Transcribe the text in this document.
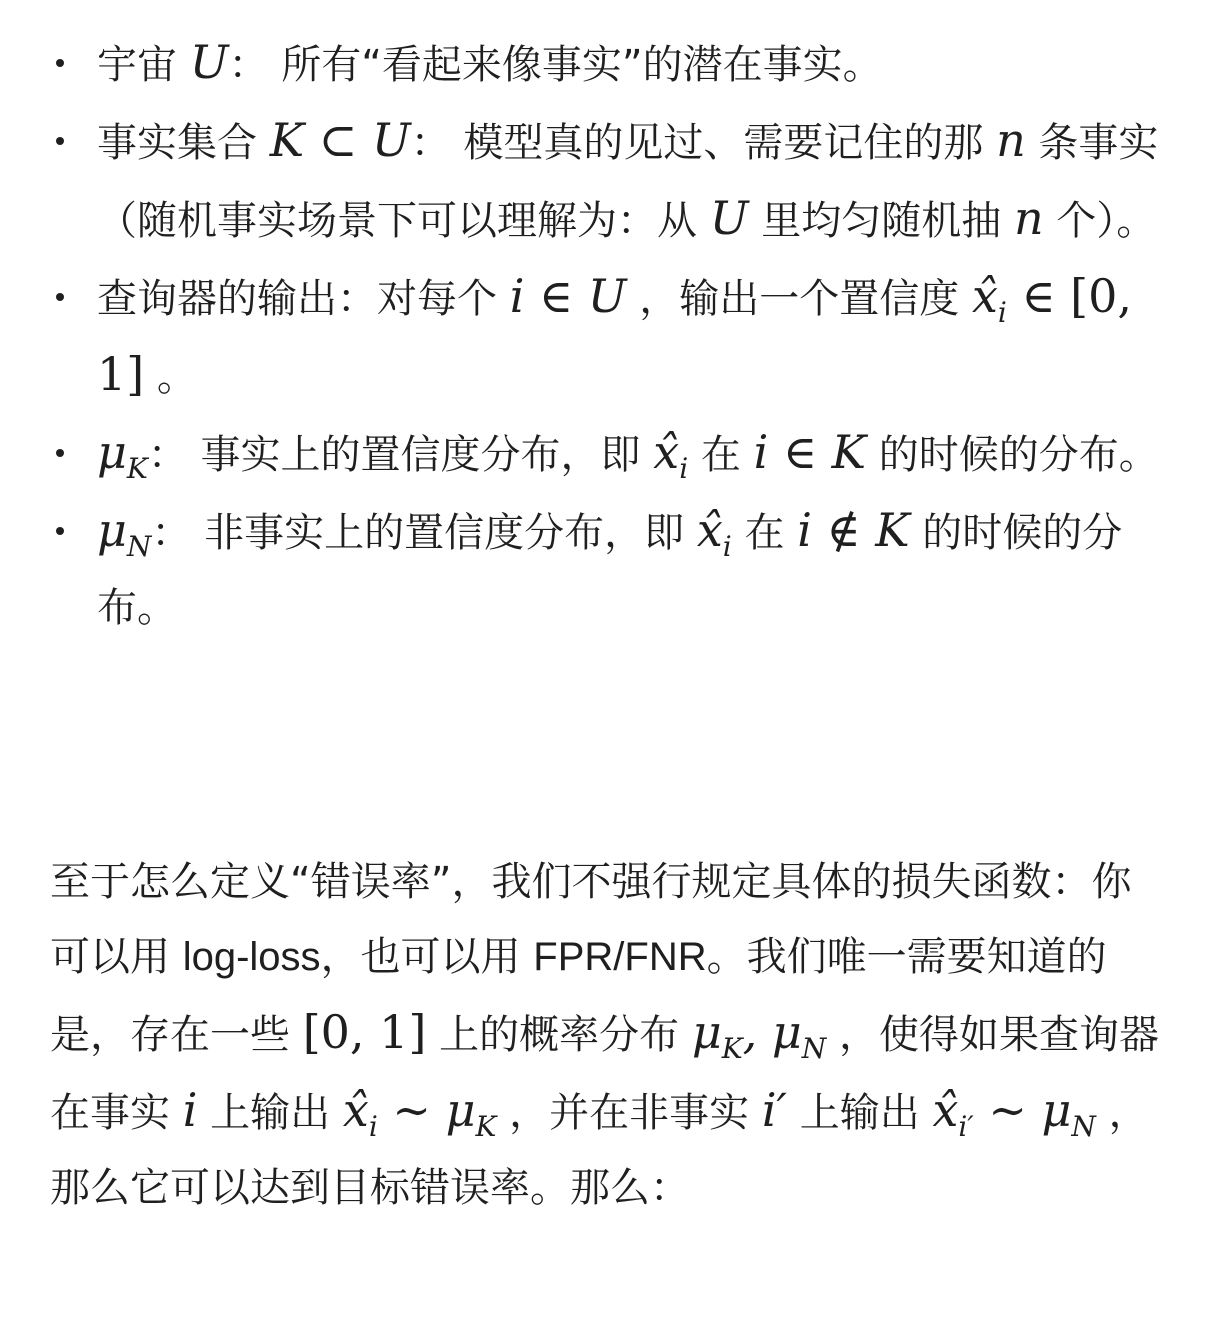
宇宙 U： 所有“看起来像事实”的潜在事实。
事实集合 K ⊂ U： 模型真的见过、需要记住的那 n 条事实（随机事实场景下可以理解为：从 U 里均匀随机抽 n 个）。
查询器的输出：对每个 i ∈ U ，输出一个置信度 $x̂_i$ ∈ [0, 1] 。
$\mu_K$： 事实上的置信度分布，即 $x̂_i$ 在 i ∈ K 的时候的分布。
$\mu_N$： 非事实上的置信度分布，即 $x̂_i$ 在 i ∉ K 的时候的分布。

至于怎么定义“错误率”，我们不强行规定具体的损失函数：你可以用 log-loss，也可以用 FPR/FNR。我们唯一需要知道的是，存在一些 [0, 1] 上的概率分布 $\mu_K$, $\mu_N$ ，使得如果查询器在事实 i 上输出 $x̂_i$ ∼ $\mu_K$ ，并在非事实 i′ 上输出 $x̂_{i'}$ ∼ $\mu_N$ ，那么它可以达到目标错误率。那么：
